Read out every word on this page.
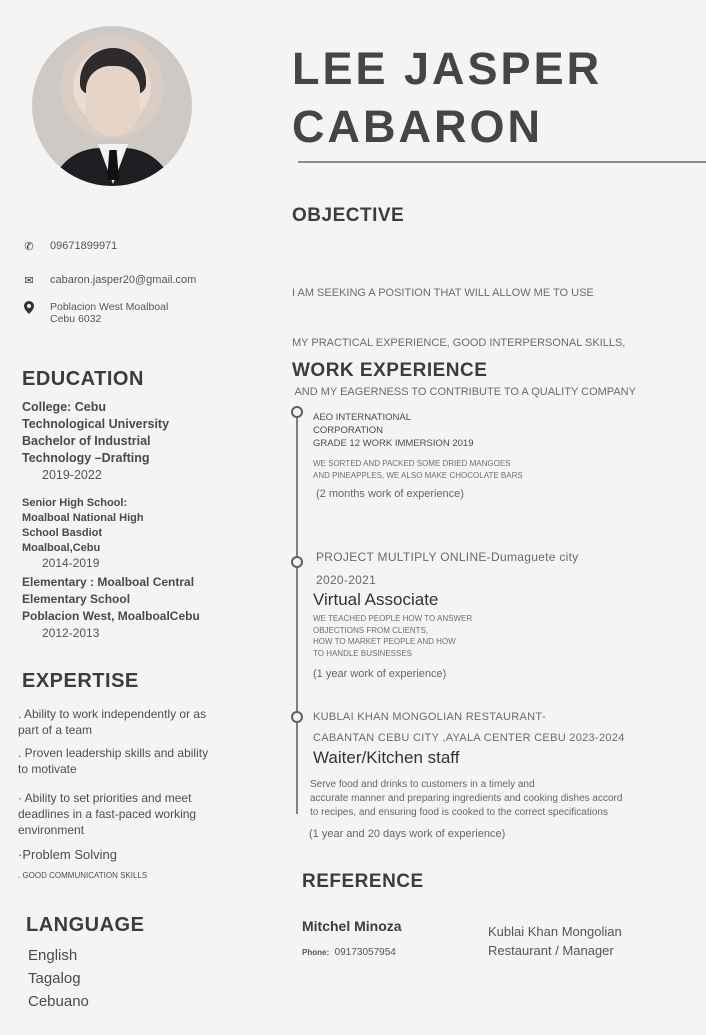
LEE JASPER
CABARON
✆ 09671899971
✉ cabaron.jasper20@gmail.com
Poblacion West Moalboal
Cebu 6032
EDUCATION
College: Cebu
Technological University
Bachelor of Industrial
Technology –Drafting
2019-2022
Senior High School:
Moalboal National High
School Basdiot
Moalboal,Cebu
2014-2019
Elementary : Moalboal Central
Elementary School
Poblacion West, MoalboalCebu
2012-2013
EXPERTISE
. Ability to work independently or as part of a team
. Proven leadership skills and ability to motivate
· Ability to set priorities and meet deadlines in a fast-paced working environment
·Problem Solving
. GOOD COMMUNICATION SKILLS
LANGUAGE
English
Tagalog
Cebuano
OBJECTIVE

I AM SEEKING A POSITION THAT WILL ALLOW ME TO USE

MY PRACTICAL EXPERIENCE, GOOD INTERPERSONAL SKILLS,

AND MY EAGERNESS TO CONTRIBUTE TO A QUALITY COMPANY

WORK EXPERIENCE
AEO INTERNATIONAL
CORPORATION
GRADE 12 WORK IMMERSION 2019
WE SORTED AND PACKED SOME DRIED MANGOES
AND PINEAPPLES, WE ALSO MAKE CHOCOLATE BARS
(2 months work of experience)
PROJECT MULTIPLY ONLINE-Dumaguete city
2020-2021
Virtual Associate
WE TEACHED PEOPLE HOW TO ANSWER
OBJECTIONS FROM CLIENTS,
HOW TO MARKET PEOPLE AND HOW
TO HANDLE BUSINESSES
(1 year work of experience)
KUBLAI KHAN MONGOLIAN RESTAURANT-
CABANTAN CEBU CITY ,AYALA CENTER CEBU 2023-2024
Waiter/Kitchen staff
Serve food and drinks to customers in a timely and
accurate manner and preparing ingredients and cooking dishes accord
to recipes, and ensuring food is cooked to the correct specifications
(1 year and 20 days work of experience)
REFERENCE
Mitchel Minoza
Phone: 09173057954
Kublai Khan Mongolian
Restaurant / Manager
